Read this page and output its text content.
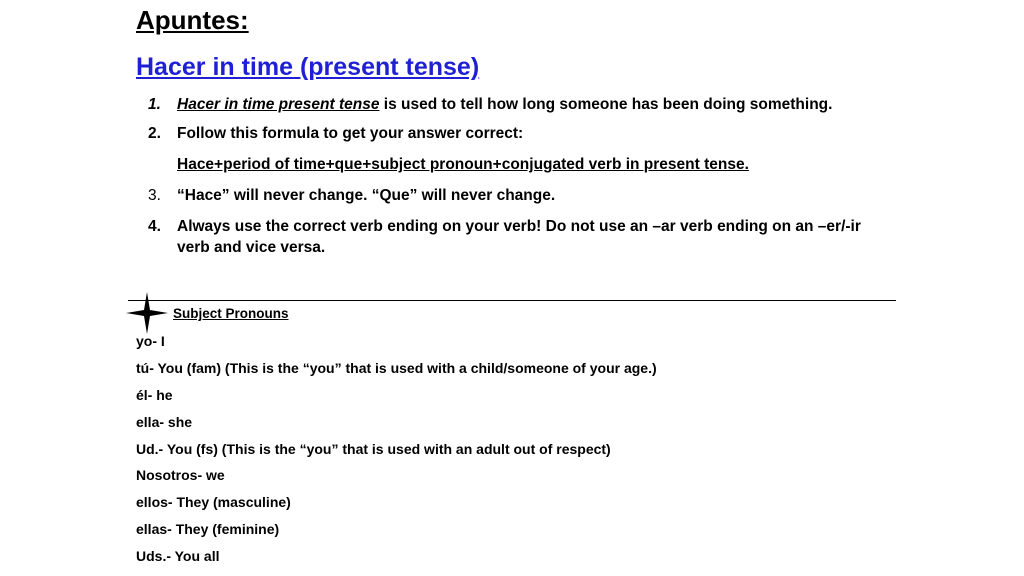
Apuntes:
Hacer in time (present tense)
1. Hacer in time present tense is used to tell how long someone has been doing something.
2. Follow this formula to get your answer correct:
Hace+period of time+que+subject pronoun+conjugated verb in present tense.
3. “Hace” will never change. “Que” will never change.
4. Always use the correct verb ending on your verb! Do not use an –ar verb ending on an –er/-ir verb and vice versa.
Subject Pronouns
yo- I
tú- You (fam) (This is the “you” that is used with a child/someone of your age.)
él- he
ella- she
Ud.- You (fs) (This is the “you” that is used with an adult out of respect)
Nosotros- we
ellos- They (masculine)
ellas- They (feminine)
Uds.- You all
